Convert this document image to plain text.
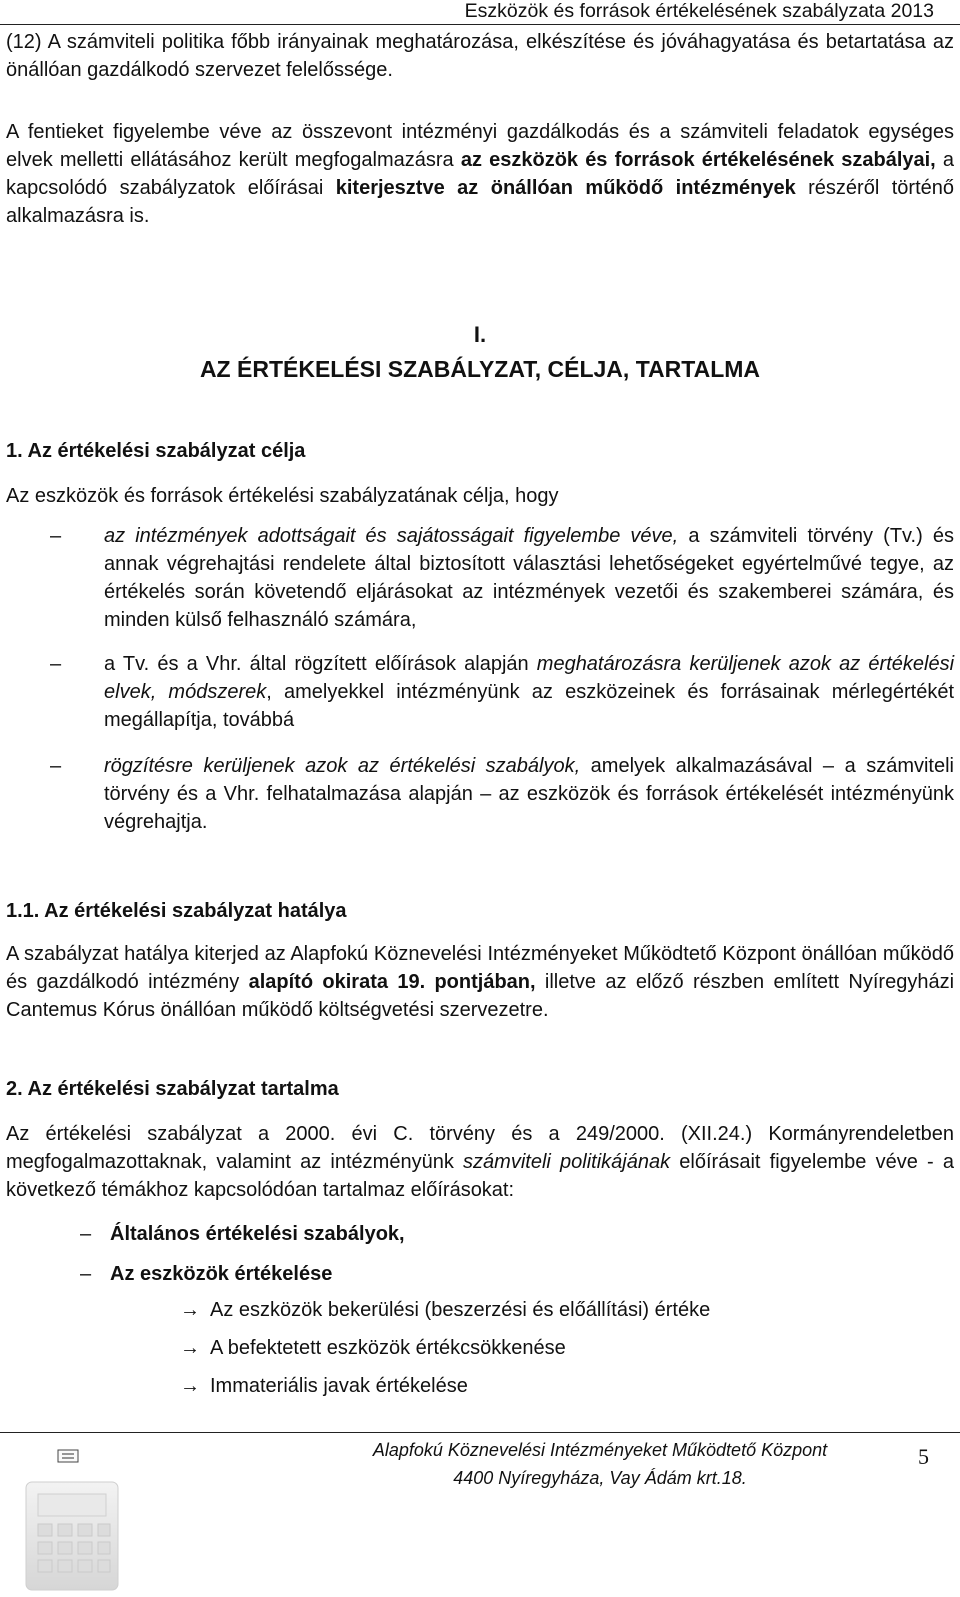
Eszközök és források értékelésének szabályzata 2013

(12) A számviteli politika főbb irányainak meghatározása, elkészítése és jóváhagyatása és betartatása az önállóan gazdálkodó szervezet felelőssége.

A fentieket figyelembe véve az összevont intézményi gazdálkodás és a számviteli feladatok egységes elvek melletti ellátásához került megfogalmazásra az eszközök és források értékelésének szabályai, a kapcsolódó szabályzatok előírásai kiterjesztve az önállóan működő intézmények részéről történő alkalmazásra is.

I.
AZ ÉRTÉKELÉSI SZABÁLYZAT, CÉLJA, TARTALMA
1. Az értékelési szabályzat célja

Az eszközök és források értékelési szabályzatának célja, hogy

–	az intézmények adottságait és sajátosságait figyelembe véve, a számviteli törvény (Tv.) és annak végrehajtási rendelete által biztosított választási lehetőségeket egyértelművé tegye, az értékelés során követendő eljárásokat az intézmények vezetői és szakemberei számára, és minden külső felhasználó számára,

–	a Tv. és a Vhr. által rögzített előírások alapján meghatározásra kerüljenek azok az értékelési elvek, módszerek, amelyekkel intézményünk az eszközeinek és forrásainak mérlegértékét megállapítja, továbbá

–	rögzítésre kerüljenek azok az értékelési szabályok, amelyek alkalmazásával – a számviteli törvény és a Vhr. felhatalmazása alapján – az eszközök és források értékelését intézményünk végrehajtja.

1.1. Az értékelési szabályzat hatálya

A szabályzat hatálya kiterjed az Alapfokú Köznevelési Intézményeket Működtető Központ önállóan működő és gazdálkodó intézmény alapító okirata 19. pontjában, illetve az előző részben említett Nyíregyházi Cantemus Kórus önállóan működő költségvetési szervezetre.

2. Az értékelési szabályzat tartalma

Az értékelési szabályzat a 2000. évi C. törvény és a 249/2000. (XII.24.) Kormányrendeletben megfogalmazottaknak, valamint az intézményünk számviteli politikájának előírásait figyelembe véve - a következő témákhoz kapcsolódóan tartalmaz előírásokat:

– Általános értékelési szabályok,

– Az eszközök értékelése

→ Az eszközök bekerülési (beszerzési és előállítási) értéke

→ A befektetett eszközök értékcsökkenése

→ Immateriális javak értékelése

Alapfokú Köznevelési Intézményeket Működtető Központ
4400 Nyíregyháza, Vay Ádám krt.18.
5
